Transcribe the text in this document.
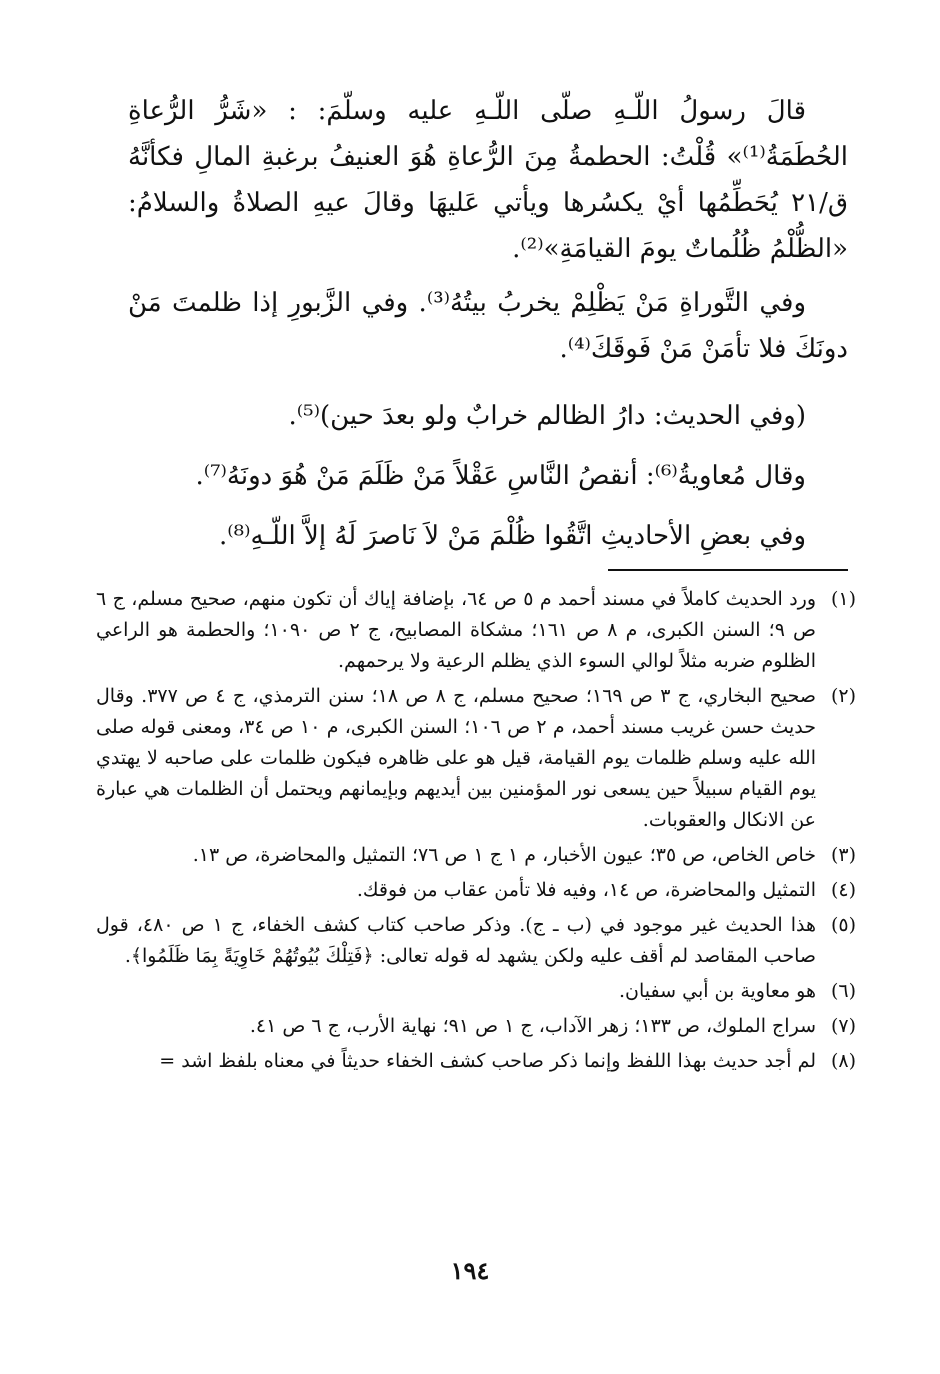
قالَ رسولُ اللّـهِ صلّى اللّـهِ عليه وسلّمَ: : «شَرُّ الرُّعاةِ الحُطَمَةُ⁽¹⁾» قُلْتُ: الحطمةُ مِنَ الرُّعاةِ هُوَ العنيفُ برغبةِ المالِ فكأنَّهُ ق/٢١ يُحَطِّمُها أيْ يكسُرها ويأتي عَليهَا وقالَ عيهِ الصلاةُ والسلامُ: «الظُّلْمُ ظُلُماتٌ يومَ القيامَةِ»⁽²⁾.

وفي التَّوراةِ مَنْ يَظْلِمْ يخربُ بيتُهُ⁽³⁾. وفي الزَّبورِ إذا ظلمتَ مَنْ دونَكَ فلا تأمَنْ مَنْ فَوقَكَ⁽⁴⁾.

(وفي الحديث: دارُ الظالم خرابٌ ولو بعدَ حين)⁽⁵⁾.

وقال مُعاويةُ⁽⁶⁾: أنقصُ النَّاسِ عَقْلاً مَنْ ظَلَمَ مَنْ هُوَ دونَهُ⁽⁷⁾.

وفي بعضِ الأحاديثِ اتَّقُوا ظُلْمَ مَنْ لاَ نَاصرَ لَهُ إلاَّ اللّـهِ⁽⁸⁾.

(١)
ورد الحديث كاملاً في مسند أحمد م ٥ ص ٦٤، بإضافة إياك أن تكون منهم، صحيح مسلم، ج ٦ ص ٩؛ السنن الكبرى، م ٨ ص ١٦١؛ مشكاة المصابيح، ج ٢ ص ١٠٩٠؛ والحطمة هو الراعي الظلوم ضربه مثلاً لوالي السوء الذي يظلم الرعية ولا يرحمهم.
(٢)
صحيح البخاري، ج ٣ ص ١٦٩؛ صحيح مسلم، ج ٨ ص ١٨؛ سنن الترمذي، ج ٤ ص ٣٧٧. وقال حديث حسن غريب مسند أحمد، م ٢ ص ١٠٦؛ السنن الكبرى، م ١٠ ص ٣٤، ومعنى قوله صلى الله عليه وسلم ظلمات يوم القيامة، قيل هو على ظاهره فيكون ظلمات على صاحبه لا يهتدي يوم القيام سبيلاً حين يسعى نور المؤمنين بين أيديهم وبإيمانهم ويحتمل أن الظلمات هي عبارة عن الانكال والعقوبات.
(٣)
خاص الخاص، ص ٣٥؛ عيون الأخبار، م ١ ج ١ ص ٧٦؛ التمثيل والمحاضرة، ص ١٣.
(٤)
التمثيل والمحاضرة، ص ١٤، وفيه فلا تأمن عقاب من فوقك.
(٥)
هذا الحديث غير موجود في (ب ـ ج). وذكر صاحب كتاب كشف الخفاء، ج ١ ص ٤٨٠، قول صاحب المقاصد لم أقف عليه ولكن يشهد له قوله تعالى: ﴿فَتِلْكَ بُيُوتُهُمْ خَاوِيَةً بِمَا ظَلَمُوا﴾.
(٦)
هو معاوية بن أبي سفيان.
(٧)
سراج الملوك، ص ١٣٣؛ زهر الآداب، ج ١ ص ٩١؛ نهاية الأرب، ج ٦ ص ٤١.
(٨)
لم أجد حديث بهذا اللفظ وإنما ذكر صاحب كشف الخفاء حديثاً في معناه بلفظ اشد =
١٩٤
